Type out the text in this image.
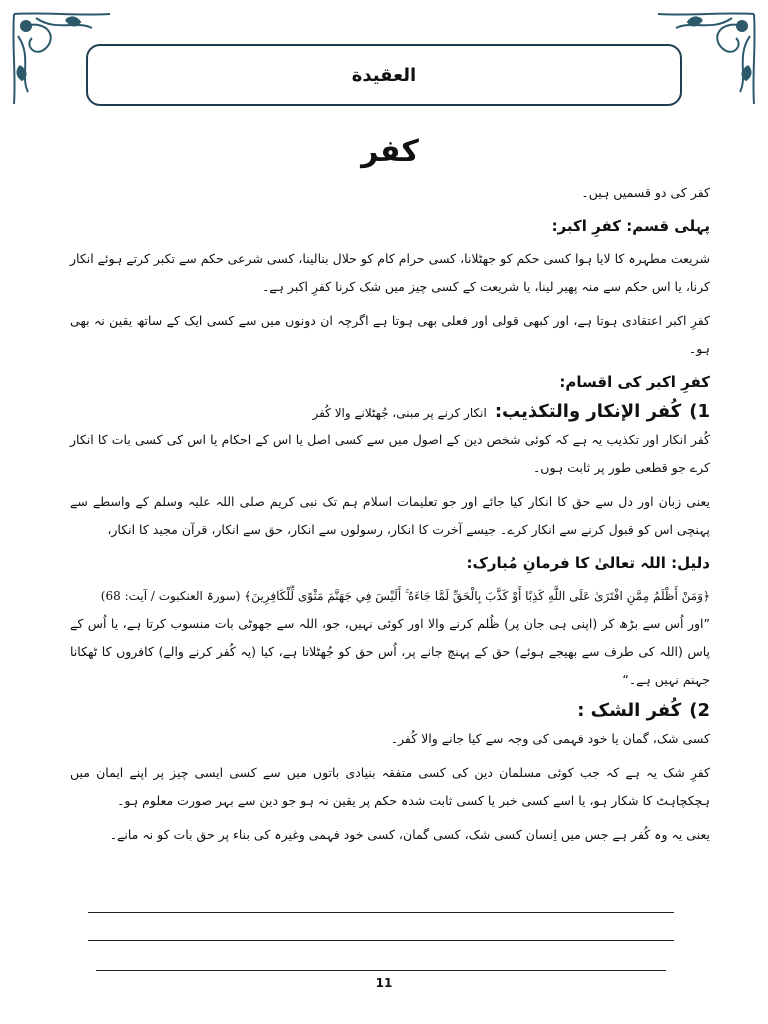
العقيدة
کفر

کفر کی دو قسمیں ہیں۔

پہلی قسم: کفرِ اکبر:

شریعت مطہرہ کا لایا ہوا کسی حکم کو جھٹلانا، کسی حرام کام کو حلال بنالینا، کسی شرعی حکم سے تکبر کرتے ہوئے انکار کرنا، یا اس حکم سے منہ پھیر لینا، یا شریعت کے کسی چیز میں شک کرنا کفرِ اکبر ہے۔

کفرِ اکبر اعتقادی ہوتا ہے، اور کبھی قولی اور فعلی بھی ہوتا ہے اگرچہ ان دونوں میں سے کسی ایک کے ساتھ یقین نہ بھی ہو۔

کفرِ اکبر کی اقسام:
1)
کُفر الإنكار والتكذيب:
انکار کرنے پر مبنی، جُھٹلانے والا کُفر

کُفر انکار اور تکذیب یہ ہے کہ کوئی شخص دین کے اصول میں سے کسی اصل یا اس کے احکام یا اس کی کسی بات کا انکار کرے جو قطعی طور پر ثابت ہوں۔

یعنی زبان اور دل سے حق کا انکار کیا جائے اور جو تعلیمات اسلام ہم تک نبی کریم صلی اللہ علیہ وسلم کے واسطے سے پہنچی اس کو قبول کرنے سے انکار کرے۔ جیسے آخرت کا انکار، رسولوں سے انکار، حق سے انکار، قرآن مجید کا انکار،

دلیل: اللہ تعالیٰ کا فرمانِ مُبارک:

﴿وَمَنْ أَظْلَمُ مِمَّنِ افْتَرَىٰ عَلَى اللَّهِ كَذِبًا أَوْ كَذَّبَ بِالْحَقِّ لَمَّا جَاءَهُ ۚ أَلَيْسَ فِي جَهَنَّمَ مَثْوًى لِّلْكَافِرِينَ﴾ (سورۃ العنکبوت / آیت: 68)

”اور اُس سے بڑھ کر (اپنی ہی جان پر) ظُلم کرنے والا اور کوئی نہیں، جو، اللہ سے جھوٹی بات منسوب کرتا ہے، یا اُس کے پاس (اللہ کی طرف سے بھیجے ہوئے) حق کے پہنچ جانے پر، اُس حق کو جُھٹلاتا ہے، کیا (یہ کُفر کرنے والے) کافروں کا ٹھکانا جہنم نہیں ہے۔“

2)
کُفر الشک :

کسی شک، گمان یا خود فہمی کی وجہ سے کیا جانے والا کُفر۔

کفرِ شک یہ ہے کہ جب کوئی مسلمان دین کی کسی متفقہ بنیادی باتوں میں سے کسی ایسی چیز پر اپنے ایمان میں ہچکچاہٹ کا شکار ہو، یا اسے کسی خبر یا کسی ثابت شدہ حکم پر یقین نہ ہو جو دین سے بہر صورت معلوم ہو۔

یعنی یہ وہ کُفر ہے جس میں اِنسان کسی شک، کسی گمان، کسی خود فہمی وغیرہ کی بناء پر حق بات کو نہ مانے۔

11
